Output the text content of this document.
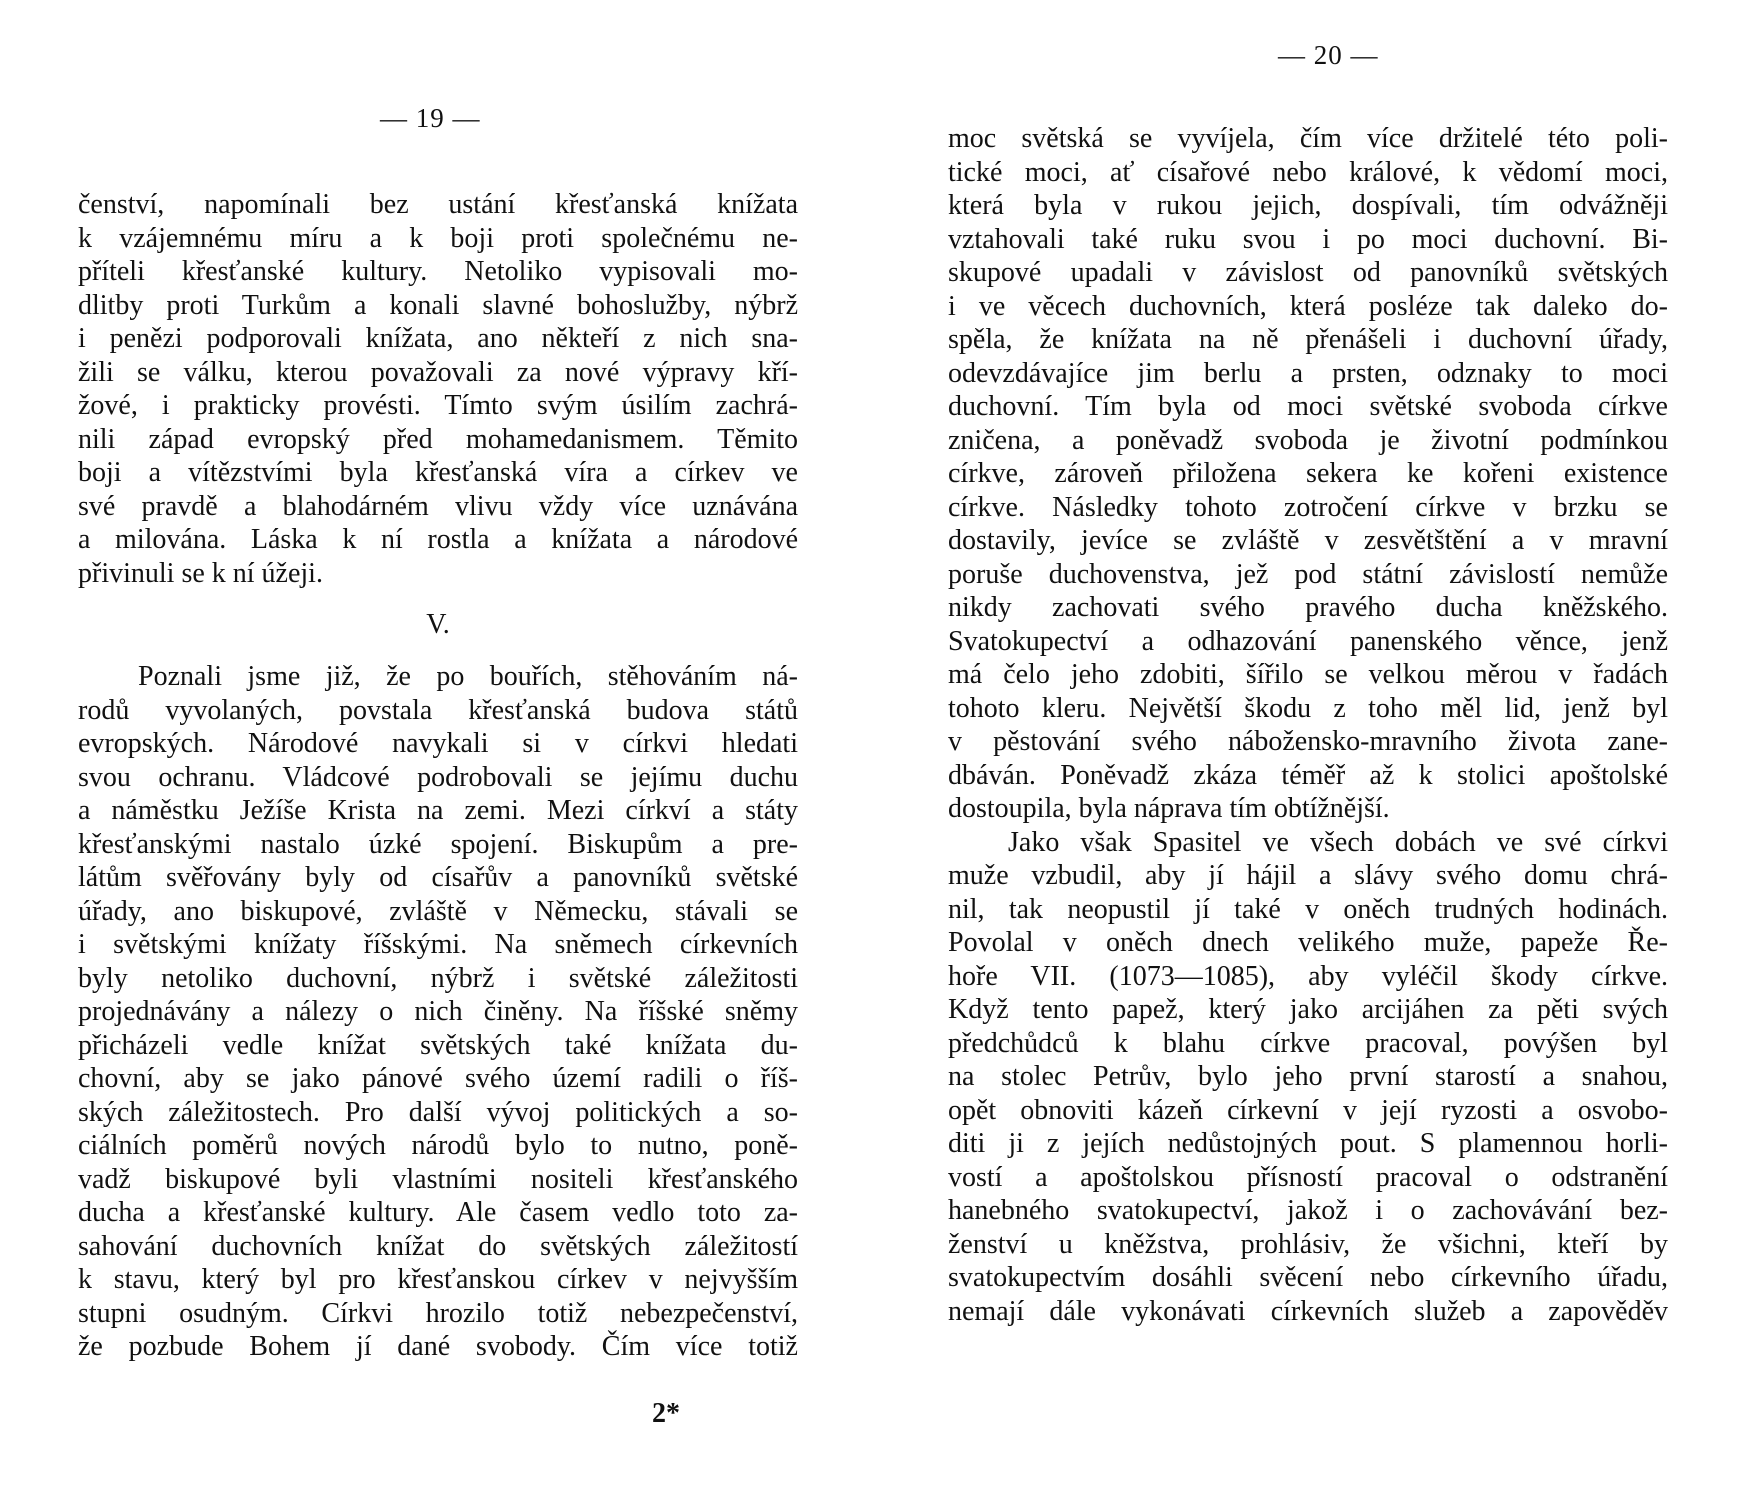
— 19 —
čenství, napomínali bez ustání křesťanská knížata
k vzájemnému míru a k boji proti společnému ne-
příteli křesťanské kultury. Netoliko vypisovali mo-
dlitby proti Turkům a konali slavné bohoslužby, nýbrž
i penězi podporovali knížata, ano někteří z nich sna-
žili se válku, kterou považovali za nové výpravy kří-
žové, i prakticky provésti. Tímto svým úsilím zachrá-
nili západ evropský před mohamedanismem. Těmito
boji a vítězstvími byla křesťanská víra a církev ve
své pravdě a blahodárném vlivu vždy více uznávána
a milována. Láska k ní rostla a knížata a národové
přivinuli se k ní úžeji.
V.
Poznali jsme již, že po bouřích, stěhováním ná-
rodů vyvolaných, povstala křesťanská budova států
evropských. Národové navykali si v církvi hledati
svou ochranu. Vládcové podrobovali se jejímu duchu
a náměstku Ježíše Krista na zemi. Mezi církví a státy
křesťanskými nastalo úzké spojení. Biskupům a pre-
látům svěřovány byly od císařův a panovníků světské
úřady, ano biskupové, zvláště v Německu, stávali se
i světskými knížaty říšskými. Na sněmech církevních
byly netoliko duchovní, nýbrž i světské záležitosti
projednávány a nálezy o nich činěny. Na říšské sněmy
přicházeli vedle knížat světských také knížata du-
chovní, aby se jako pánové svého území radili o říš-
ských záležitostech. Pro další vývoj politických a so-
ciálních poměrů nových národů bylo to nutno, poně-
vadž biskupové byli vlastními nositeli křesťanského
ducha a křesťanské kultury. Ale časem vedlo toto za-
sahování duchovních knížat do světských záležitostí
k stavu, který byl pro křesťanskou církev v nejvyšším
stupni osudným. Církvi hrozilo totiž nebezpečenství,
že pozbude Bohem jí dané svobody. Čím více totiž
2*
— 20 —
moc světská se vyvíjela, čím více držitelé této poli-
tické moci, ať císařové nebo králové, k vědomí moci,
která byla v rukou jejich, dospívali, tím odvážněji
vztahovali také ruku svou i po moci duchovní. Bi-
skupové upadali v závislost od panovníků světských
i ve věcech duchovních, která posléze tak daleko do-
spěla, že knížata na ně přenášeli i duchovní úřady,
odevzdávajíce jim berlu a prsten, odznaky to moci
duchovní. Tím byla od moci světské svoboda církve
zničena, a poněvadž svoboda je životní podmínkou
církve, zároveň přiložena sekera ke kořeni existence
církve. Následky tohoto zotročení církve v brzku se
dostavily, jevíce se zvláště v zesvětštění a v mravní
poruše duchovenstva, jež pod státní závislostí nemůže
nikdy zachovati svého pravého ducha kněžského.
Svatokupectví a odhazování panenského věnce, jenž
má čelo jeho zdobiti, šířilo se velkou měrou v řadách
tohoto kleru. Největší škodu z toho měl lid, jenž byl
v pěstování svého nábožensko-mravního života zane-
dbáván. Poněvadž zkáza téměř až k stolici apoštolské
dostoupila, byla náprava tím obtížnější.
Jako však Spasitel ve všech dobách ve své církvi
muže vzbudil, aby jí hájil a slávy svého domu chrá-
nil, tak neopustil jí také v oněch trudných hodinách.
Povolal v oněch dnech velikého muže, papeže Ře-
hoře VII. (1073—1085), aby vyléčil škody církve.
Když tento papež, který jako arcijáhen za pěti svých
předchůdců k blahu církve pracoval, povýšen byl
na stolec Petrův, bylo jeho první starostí a snahou,
opět obnoviti kázeň církevní v její ryzosti a osvobo-
diti ji z jejích nedůstojných pout. S plamennou horli-
vostí a apoštolskou přísností pracoval o odstranění
hanebného svatokupectví, jakož i o zachovávání bez-
ženství u kněžstva, prohlásiv, že všichni, kteří by
svatokupectvím dosáhli svěcení nebo církevního úřadu,
nemají dále vykonávati církevních služeb a zapověděv
